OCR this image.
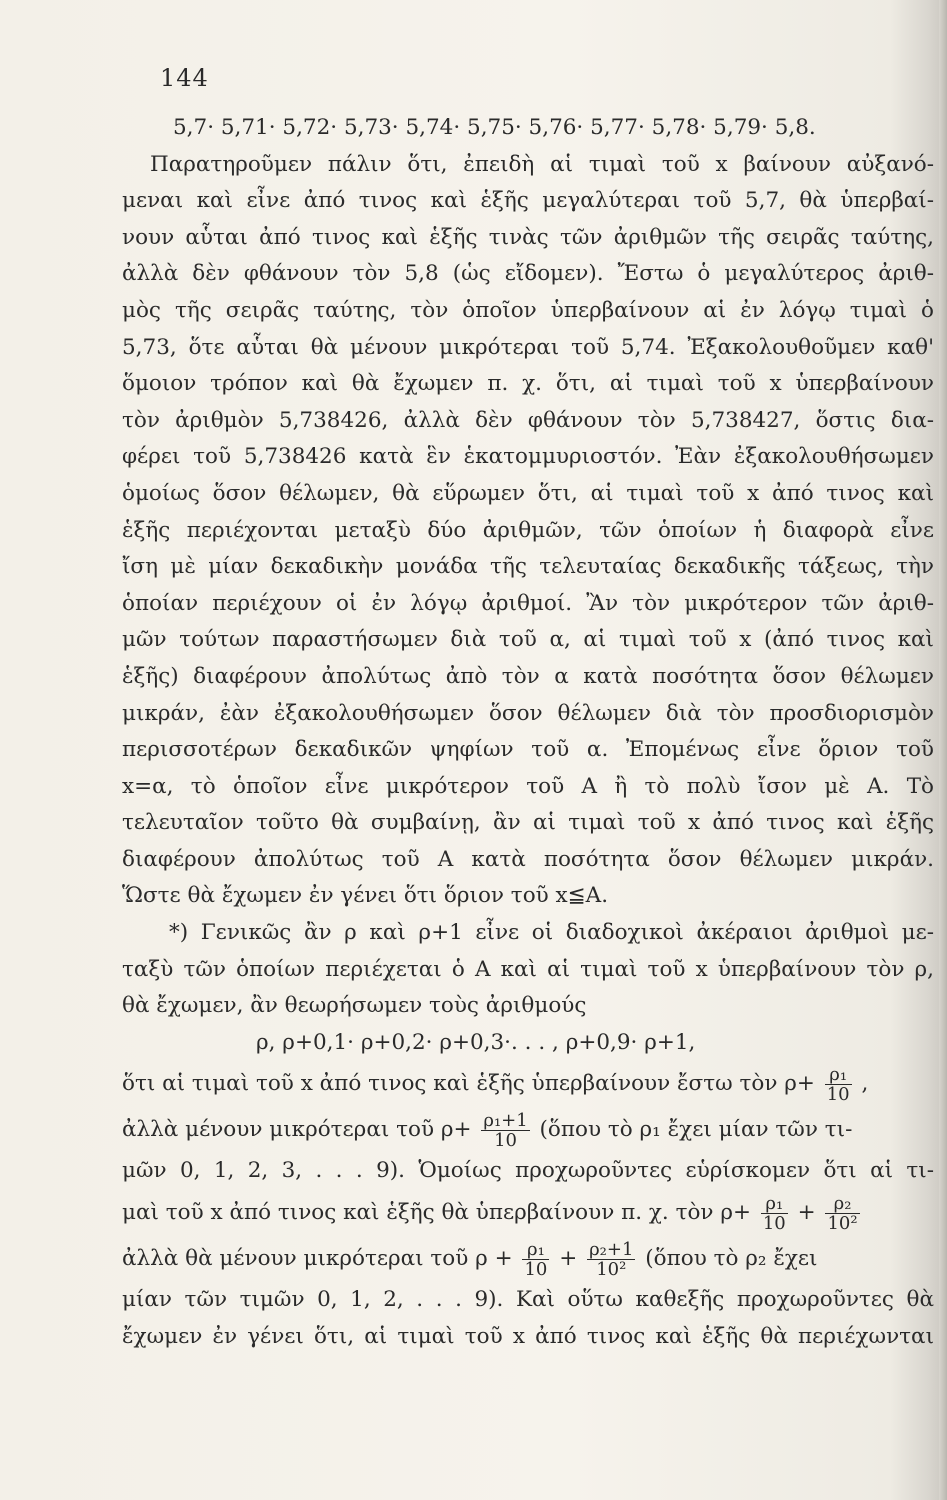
144
5,7· 5,71· 5,72· 5,73· 5,74· 5,75· 5,76· 5,77· 5,78· 5,79· 5,8.
Παρατηροῦμεν πάλιν ὅτι, ἐπειδὴ αἱ τιμαὶ τοῦ x βαίνουν αὐξανό-
μεναι καὶ εἶνε ἀπό τινος καὶ ἑξῆς μεγαλύτεραι τοῦ 5,7, θὰ ὑπερβαί-
νουν αὗται ἀπό τινος καὶ ἑξῆς τινὰς τῶν ἀριθμῶν τῆς σειρᾶς ταύτης,
ἀλλὰ δὲν φθάνουν τὸν 5,8 (ὡς εἴδομεν). Ἔστω ὁ μεγαλύτερος ἀριθ-
μὸς τῆς σειρᾶς ταύτης, τὸν ὁποῖον ὑπερβαίνουν αἱ ἐν λόγῳ τιμαὶ ὁ
5,73, ὅτε αὗται θὰ μένουν μικρότεραι τοῦ 5,74. Ἐξακολουθοῦμεν καθ'
ὅμοιον τρόπον καὶ θὰ ἔχωμεν π. χ. ὅτι, αἱ τιμαὶ τοῦ x ὑπερβαίνουν
τὸν ἀριθμὸν 5,738426, ἀλλὰ δὲν φθάνουν τὸν 5,738427, ὅστις δια-
φέρει τοῦ 5,738426 κατὰ ἓν ἑκατομμυριοστόν. Ἐὰν ἐξακολουθήσωμεν
ὁμοίως ὅσον θέλωμεν, θὰ εὕρωμεν ὅτι, αἱ τιμαὶ τοῦ x ἀπό τινος καὶ
ἑξῆς περιέχονται μεταξὺ δύο ἀριθμῶν, τῶν ὁποίων ἡ διαφορὰ εἶνε
ἴση μὲ μίαν δεκαδικὴν μονάδα τῆς τελευταίας δεκαδικῆς τάξεως, τὴν
ὁποίαν περιέχουν οἱ ἐν λόγῳ ἀριθμοί. Ἂν τὸν μικρότερον τῶν ἀριθ-
μῶν τούτων παραστήσωμεν διὰ τοῦ α, αἱ τιμαὶ τοῦ x (ἀπό τινος καὶ
ἑξῆς) διαφέρουν ἀπολύτως ἀπὸ τὸν α κατὰ ποσότητα ὅσον θέλωμεν
μικράν, ἐὰν ἐξακολουθήσωμεν ὅσον θέλωμεν διὰ τὸν προσδιορισμὸν
περισσοτέρων δεκαδικῶν ψηφίων τοῦ α. Ἐπομένως εἶνε ὅριον τοῦ
x=α, τὸ ὁποῖον εἶνε μικρότερον τοῦ A ἢ τὸ πολὺ ἴσον μὲ A. Τὸ
τελευταῖον τοῦτο θὰ συμβαίνῃ, ἂν αἱ τιμαὶ τοῦ x ἀπό τινος καὶ ἑξῆς
διαφέρουν ἀπολύτως τοῦ A κατὰ ποσότητα ὅσον θέλωμεν μικράν.
Ὥστε θὰ ἔχωμεν ἐν γένει ὅτι ὅριον τοῦ x≦A.
*) Γενικῶς ἂν ρ καὶ ρ+1 εἶνε οἱ διαδοχικοὶ ἀκέραιοι ἀριθμοὶ με-
ταξὺ τῶν ὁποίων περιέχεται ὁ A καὶ αἱ τιμαὶ τοῦ x ὑπερβαίνουν τὸν ρ,
θὰ ἔχωμεν, ἂν θεωρήσωμεν τοὺς ἀριθμούς
ρ, ρ+0,1· ρ+0,2· ρ+0,3·. . . , ρ+0,9· ρ+1,
ὅτι αἱ τιμαὶ τοῦ x ἀπό τινος καὶ ἑξῆς ὑπερβαίνουν ἔστω τὸν $\rho+ \frac{\text{ρ₁}}{10}$ ,
ἀλλὰ μένουν μικρότεραι τοῦ $\rho+ \frac{\text{ρ₁+1}}{10}$ (ὅπου τὸ ρ₁ ἔχει μίαν τῶν τι-
μῶν 0, 1, 2, 3, . . . 9). Ὁμοίως προχωροῦντες εὑρίσκομεν ὅτι αἱ τι-
μαὶ τοῦ x ἀπό τινος καὶ ἑξῆς θὰ ὑπερβαίνουν π. χ. τὸν $\rho+ \frac{\text{ρ₁}}{10} + \frac{\text{ρ₂}}{\text{10²}}$
ἀλλὰ θὰ μένουν μικρότεραι τοῦ $\rho + \frac{\text{ρ₁}}{10} + \frac{\text{ρ₂+1}}{\text{10²}}$ (ὅπου τὸ ρ₂ ἔχει
μίαν τῶν τιμῶν 0, 1, 2, . . . 9). Καὶ οὕτω καθεξῆς προχωροῦντες θὰ
ἔχωμεν ἐν γένει ὅτι, αἱ τιμαὶ τοῦ x ἀπό τινος καὶ ἑξῆς θὰ περιέχωνται
